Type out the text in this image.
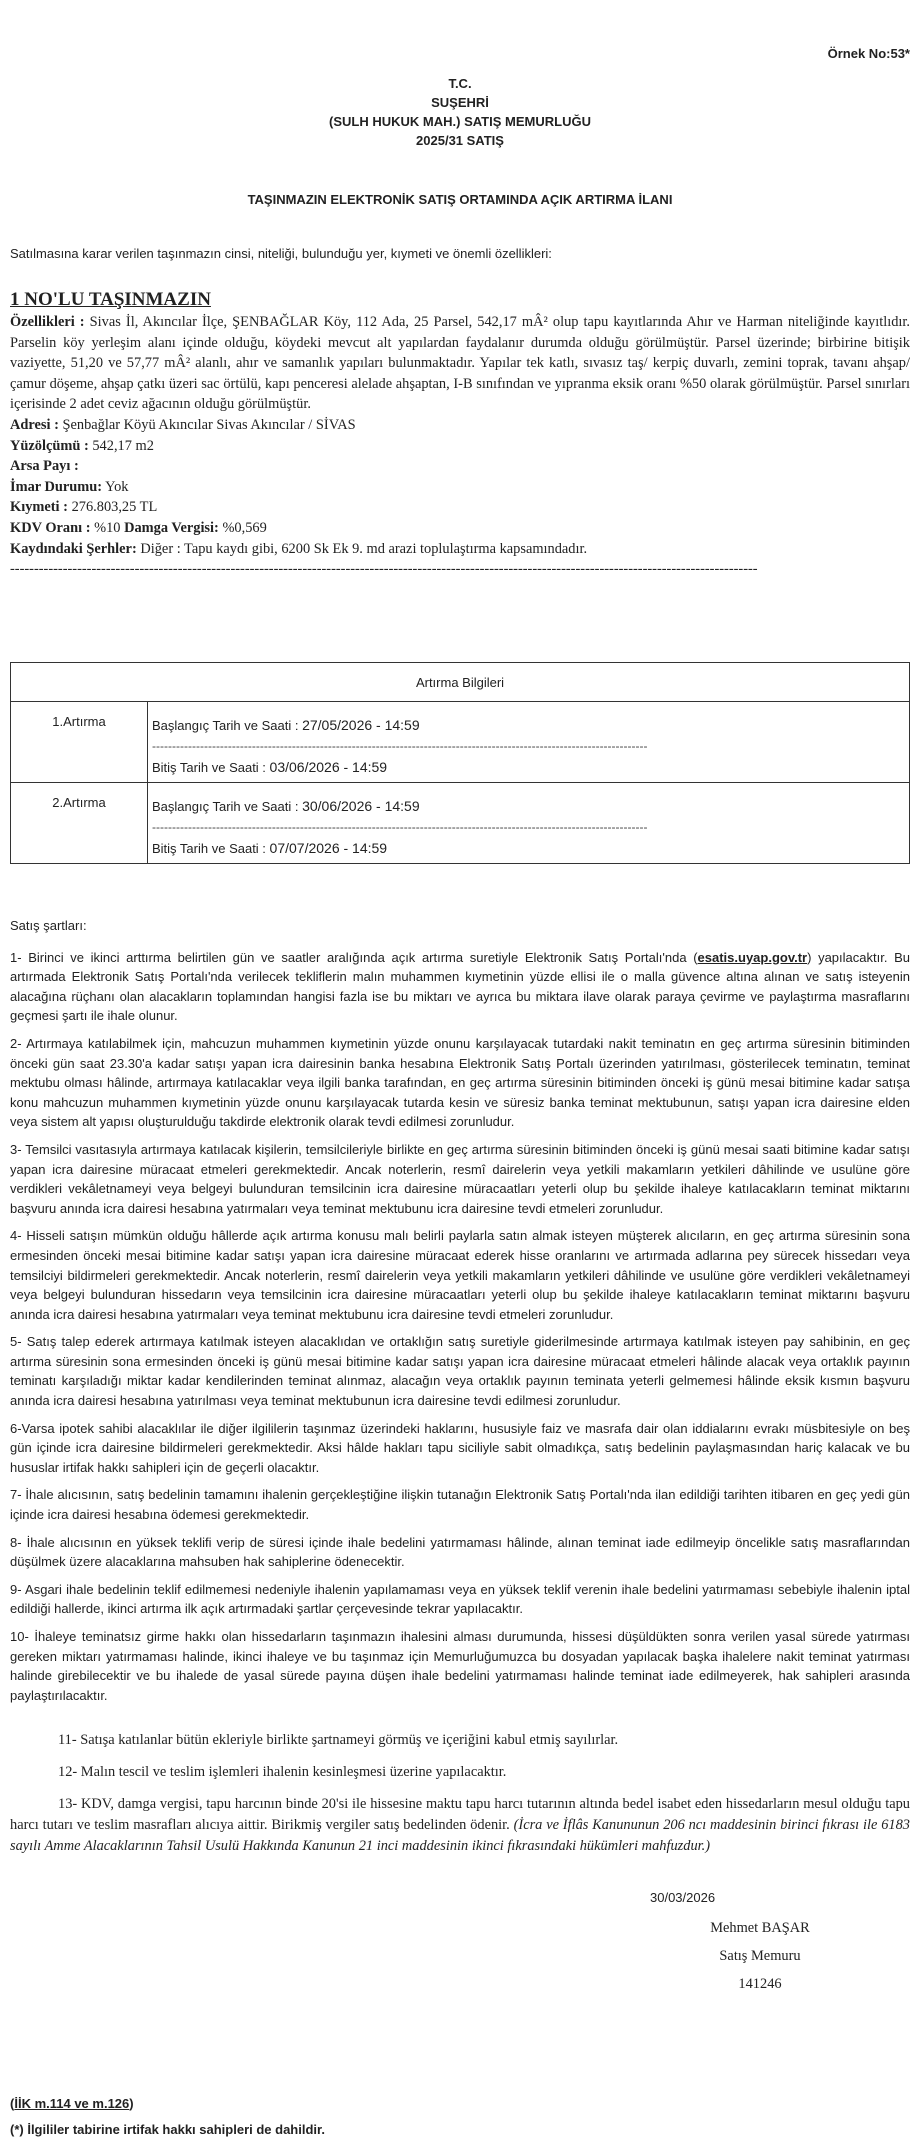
Örnek No:53*
T.C.
SUŞEHRİ
(SULH HUKUK MAH.) SATIŞ MEMURLUĞU
2025/31 SATIŞ
TAŞINMAZIN ELEKTRONİK SATIŞ ORTAMINDA AÇIK ARTIRMA İLANI
Satılmasına karar verilen taşınmazın cinsi, niteliği, bulunduğu yer, kıymeti ve önemli özellikleri:
1 NO'LU TAŞINMAZIN
Özellikleri : Sivas İl, Akıncılar İlçe, ŞENBAĞLAR Köy, 112 Ada, 25 Parsel, 542,17 mÂ² olup tapu kayıtlarında Ahır ve Harman niteliğinde kayıtlıdır. Parselin köy yerleşim alanı içinde olduğu, köydeki mevcut alt yapılardan faydalanır durumda olduğu görülmüştür. Parsel üzerinde; birbirine bitişik vaziyette, 51,20 ve 57,77 mÂ² alanlı, ahır ve samanlık yapıları bulunmaktadır. Yapılar tek katlı, sıvasız taş/ kerpiç duvarlı, zemini toprak, tavanı ahşap/ çamur döşeme, ahşap çatkı üzeri sac örtülü, kapı penceresi alelade ahşaptan, I-B sınıfından ve yıpranma eksik oranı %50 olarak görülmüştür. Parsel sınırları içerisinde 2 adet ceviz ağacının olduğu görülmüştür.
Adresi : Şenbağlar Köyü Akıncılar Sivas Akıncılar / SİVAS
Yüzölçümü : 542,17 m2
Arsa Payı :
İmar Durumu: Yok
Kıymeti : 276.803,25 TL
KDV Oranı : %10 Damga Vergisi: %0,569
Kaydındaki Şerhler: Diğer : Tapu kaydı gibi, 6200 Sk Ek 9. md arazi toplulaştırma kapsamındadır.
------------------------------------------------------------------------------------------------------------------------------------------------------------
Artırma Bilgileri	
1.Artırma	Başlangıç Tarih ve Saati : 27/05/2026 - 14:59
----------------------------------------------------------------------------------------------------------------------------
Bitiş Tarih ve Saati : 03/06/2026 - 14:59

2.Artırma	Başlangıç Tarih ve Saati : 30/06/2026 - 14:59
----------------------------------------------------------------------------------------------------------------------------
Bitiş Tarih ve Saati : 07/07/2026 - 14:59

Satış şartları:

1- Birinci ve ikinci arttırma belirtilen gün ve saatler aralığında açık artırma suretiyle Elektronik Satış Portalı'nda (esatis.uyap.gov.tr) yapılacaktır. Bu artırmada Elektronik Satış Portalı'nda verilecek tekliflerin malın muhammen kıymetinin yüzde ellisi ile o malla güvence altına alınan ve satış isteyenin alacağına rüçhanı olan alacakların toplamından hangisi fazla ise bu miktarı ve ayrıca bu miktara ilave olarak paraya çevirme ve paylaştırma masraflarını geçmesi şartı ile ihale olunur.

2- Artırmaya katılabilmek için, mahcuzun muhammen kıymetinin yüzde onunu karşılayacak tutardaki nakit teminatın en geç artırma süresinin bitiminden önceki gün saat 23.30'a kadar satışı yapan icra dairesinin banka hesabına Elektronik Satış Portalı üzerinden yatırılması, gösterilecek teminatın, teminat mektubu olması hâlinde, artırmaya katılacaklar veya ilgili banka tarafından, en geç artırma süresinin bitiminden önceki iş günü mesai bitimine kadar satışa konu mahcuzun muhammen kıymetinin yüzde onunu karşılayacak tutarda kesin ve süresiz banka teminat mektubunun, satışı yapan icra dairesine elden veya sistem alt yapısı oluşturulduğu takdirde elektronik olarak tevdi edilmesi zorunludur.

3- Temsilci vasıtasıyla artırmaya katılacak kişilerin, temsilcileriyle birlikte en geç artırma süresinin bitiminden önceki iş günü mesai saati bitimine kadar satışı yapan icra dairesine müracaat etmeleri gerekmektedir. Ancak noterlerin, resmî dairelerin veya yetkili makamların yetkileri dâhilinde ve usulüne göre verdikleri vekâletnameyi veya belgeyi bulunduran temsilcinin icra dairesine müracaatları yeterli olup bu şekilde ihaleye katılacakların teminat miktarını başvuru anında icra dairesi hesabına yatırmaları veya teminat mektubunu icra dairesine tevdi etmeleri zorunludur.

4- Hisseli satışın mümkün olduğu hâllerde açık artırma konusu malı belirli paylarla satın almak isteyen müşterek alıcıların, en geç artırma süresinin sona ermesinden önceki mesai bitimine kadar satışı yapan icra dairesine müracaat ederek hisse oranlarını ve artırmada adlarına pey sürecek hissedarı veya temsilciyi bildirmeleri gerekmektedir. Ancak noterlerin, resmî dairelerin veya yetkili makamların yetkileri dâhilinde ve usulüne göre verdikleri vekâletnameyi veya belgeyi bulunduran hissedarın veya temsilcinin icra dairesine müracaatları yeterli olup bu şekilde ihaleye katılacakların teminat miktarını başvuru anında icra dairesi hesabına yatırmaları veya teminat mektubunu icra dairesine tevdi etmeleri zorunludur.

5- Satış talep ederek artırmaya katılmak isteyen alacaklıdan ve ortaklığın satış suretiyle giderilmesinde artırmaya katılmak isteyen pay sahibinin, en geç artırma süresinin sona ermesinden önceki iş günü mesai bitimine kadar satışı yapan icra dairesine müracaat etmeleri hâlinde alacak veya ortaklık payının teminatı karşıladığı miktar kadar kendilerinden teminat alınmaz, alacağın veya ortaklık payının teminata yeterli gelmemesi hâlinde eksik kısmın başvuru anında icra dairesi hesabına yatırılması veya teminat mektubunun icra dairesine tevdi edilmesi zorunludur.

6-Varsa ipotek sahibi alacaklılar ile diğer ilgililerin taşınmaz üzerindeki haklarını, hususiyle faiz ve masrafa dair olan iddialarını evrakı müsbitesiyle on beş gün içinde icra dairesine bildirmeleri gerekmektedir. Aksi hâlde hakları tapu siciliyle sabit olmadıkça, satış bedelinin paylaşmasından hariç kalacak ve bu hususlar irtifak hakkı sahipleri için de geçerli olacaktır.

7- İhale alıcısının, satış bedelinin tamamını ihalenin gerçekleştiğine ilişkin tutanağın Elektronik Satış Portalı'nda ilan edildiği tarihten itibaren en geç yedi gün içinde icra dairesi hesabına ödemesi gerekmektedir.

8- İhale alıcısının en yüksek teklifi verip de süresi içinde ihale bedelini yatırmaması hâlinde, alınan teminat iade edilmeyip öncelikle satış masraflarından düşülmek üzere alacaklarına mahsuben hak sahiplerine ödenecektir.

9- Asgari ihale bedelinin teklif edilmemesi nedeniyle ihalenin yapılamaması veya en yüksek teklif verenin ihale bedelini yatırmaması sebebiyle ihalenin iptal edildiği hallerde, ikinci artırma ilk açık artırmadaki şartlar çerçevesinde tekrar yapılacaktır.

10- İhaleye teminatsız girme hakkı olan hissedarların taşınmazın ihalesini alması durumunda, hissesi düşüldükten sonra verilen yasal sürede yatırması gereken miktarı yatırmaması halinde, ikinci ihaleye ve bu taşınmaz için Memurluğumuzca bu dosyadan yapılacak başka ihalelere nakit teminat yatırması halinde girebilecektir ve bu ihalede de yasal sürede payına düşen ihale bedelini yatırmaması halinde teminat iade edilmeyerek, hak sahipleri arasında paylaştırılacaktır.

11- Satışa katılanlar bütün ekleriyle birlikte şartnameyi görmüş ve içeriğini kabul etmiş sayılırlar.

12- Malın tescil ve teslim işlemleri ihalenin kesinleşmesi üzerine yapılacaktır.

13- KDV, damga vergisi, tapu harcının binde 20'si ile hissesine maktu tapu harcı tutarının altında bedel isabet eden hissedarların mesul olduğu tapu harcı tutarı ve teslim masrafları alıcıya aittir. Birikmiş vergiler satış bedelinden ödenir. (İcra ve İflâs Kanununun 206 ncı maddesinin birinci fıkrası ile 6183 sayılı Amme Alacaklarının Tahsil Usulü Hakkında Kanunun 21 inci maddesinin ikinci fıkrasındaki hükümleri mahfuzdur.)

30/03/2026
Mehmet BAŞAR
Satış Memuru
141246
(İİK m.114 ve m.126)
(*) İlgililer tabirine irtifak hakkı sahipleri de dahildir.
